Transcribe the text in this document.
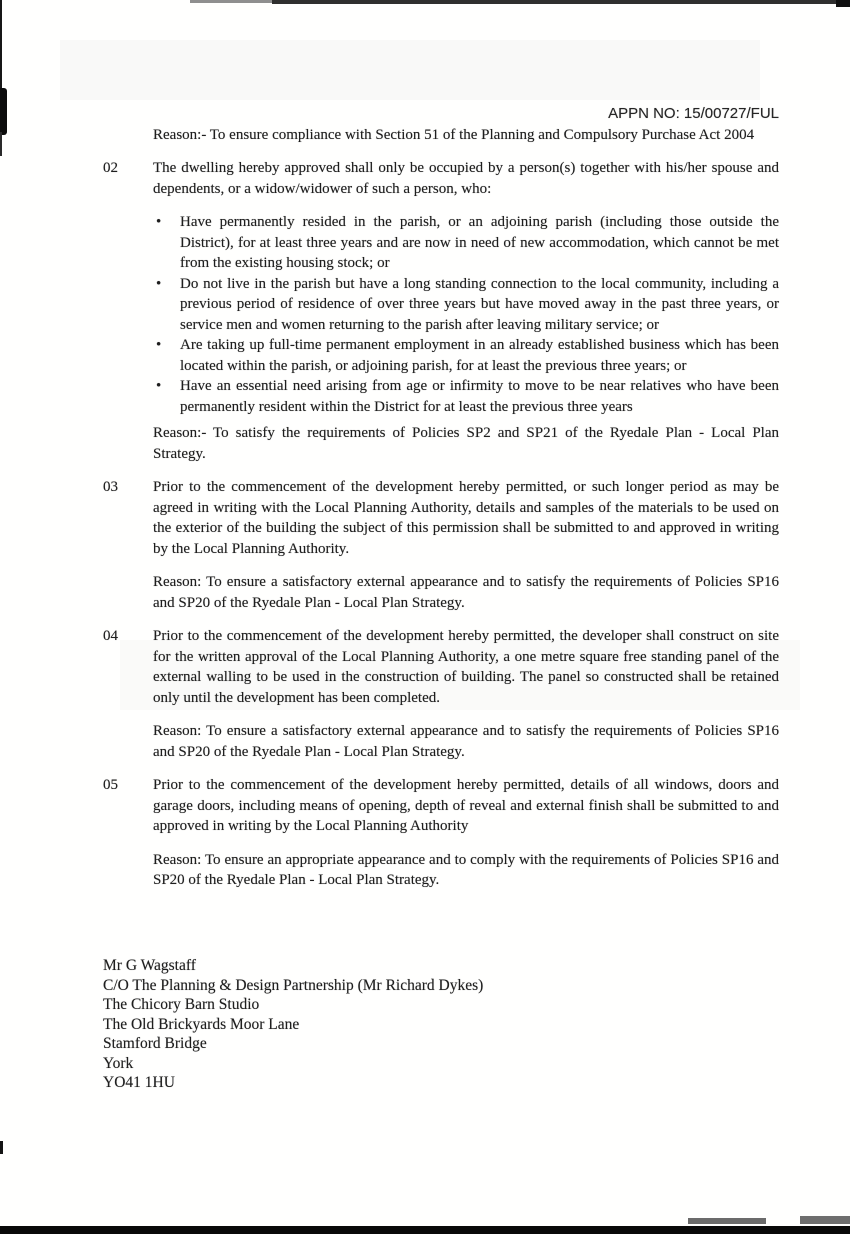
APPN NO: 15/00727/FUL

Reason:- To ensure compliance with Section 51 of the Planning and Compulsory Purchase Act 2004

02	The dwelling hereby approved shall only be occupied by a person(s) together with his/her spouse and dependents, or a widow/widower of such a person, who:

• Have permanently resided in the parish, or an adjoining parish (including those outside the District), for at least three years and are now in need of new accommodation, which cannot be met from the existing housing stock; or
• Do not live in the parish but have a long standing connection to the local community, including a previous period of residence of over three years but have moved away in the past three years, or service men and women returning to the parish after leaving military service; or
• Are taking up full-time permanent employment in an already established business which has been located within the parish, or adjoining parish, for at least the previous three years; or
• Have an essential need arising from age or infirmity to move to be near relatives who have been permanently resident within the District for at least the previous three years

Reason:- To satisfy the requirements of Policies SP2 and SP21 of the Ryedale Plan - Local Plan Strategy.

03	Prior to the commencement of the development hereby permitted, or such longer period as may be agreed in writing with the Local Planning Authority, details and samples of the materials to be used on the exterior of the building the subject of this permission shall be submitted to and approved in writing by the Local Planning Authority.

Reason: To ensure a satisfactory external appearance and to satisfy the requirements of Policies SP16 and SP20 of the Ryedale Plan - Local Plan Strategy.

04	Prior to the commencement of the development hereby permitted, the developer shall construct on site for the written approval of the Local Planning Authority, a one metre square free standing panel of the external walling to be used in the construction of building. The panel so constructed shall be retained only until the development has been completed.

Reason: To ensure a satisfactory external appearance and to satisfy the requirements of Policies SP16 and SP20 of the Ryedale Plan - Local Plan Strategy.

05	Prior to the commencement of the development hereby permitted, details of all windows, doors and garage doors, including means of opening, depth of reveal and external finish shall be submitted to and approved in writing by the Local Planning Authority

Reason: To ensure an appropriate appearance and to comply with the requirements of Policies SP16 and SP20 of the Ryedale Plan - Local Plan Strategy.

Mr G Wagstaff
C/O The Planning & Design Partnership (Mr Richard Dykes)
The Chicory Barn Studio
The Old Brickyards Moor Lane
Stamford Bridge
York
YO41 1HU
